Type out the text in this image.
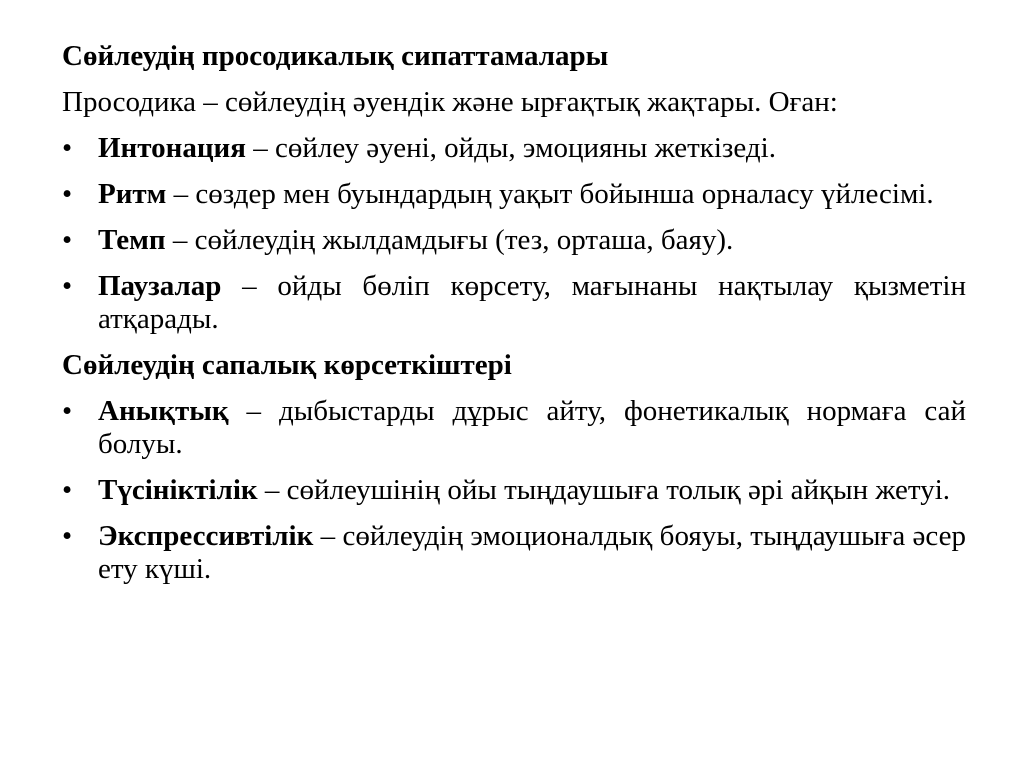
Сөйлеудің просодикалық сипаттамалары
Просодика – сөйлеудің әуендік және ырғақтық жақтары. Оған:
• Интонация – сөйлеу әуені, ойды, эмоцияны жеткізеді.
• Ритм – сөздер мен буындардың уақыт бойынша орналасу үйлесімі.
• Темп – сөйлеудің жылдамдығы (тез, орташа, баяу).
• Паузалар – ойды бөліп көрсету, мағынаны нақтылау қызметін атқарады.
Сөйлеудің сапалық көрсеткіштері
• Анықтық – дыбыстарды дұрыс айту, фонетикалық нормаға сай болуы.
• Түсініктілік – сөйлеушінің ойы тыңдаушыға толық әрі айқын жетуі.
• Экспрессивтілік – сөйлеудің эмоционалдық бояуы, тыңдаушыға әсер ету күші.
